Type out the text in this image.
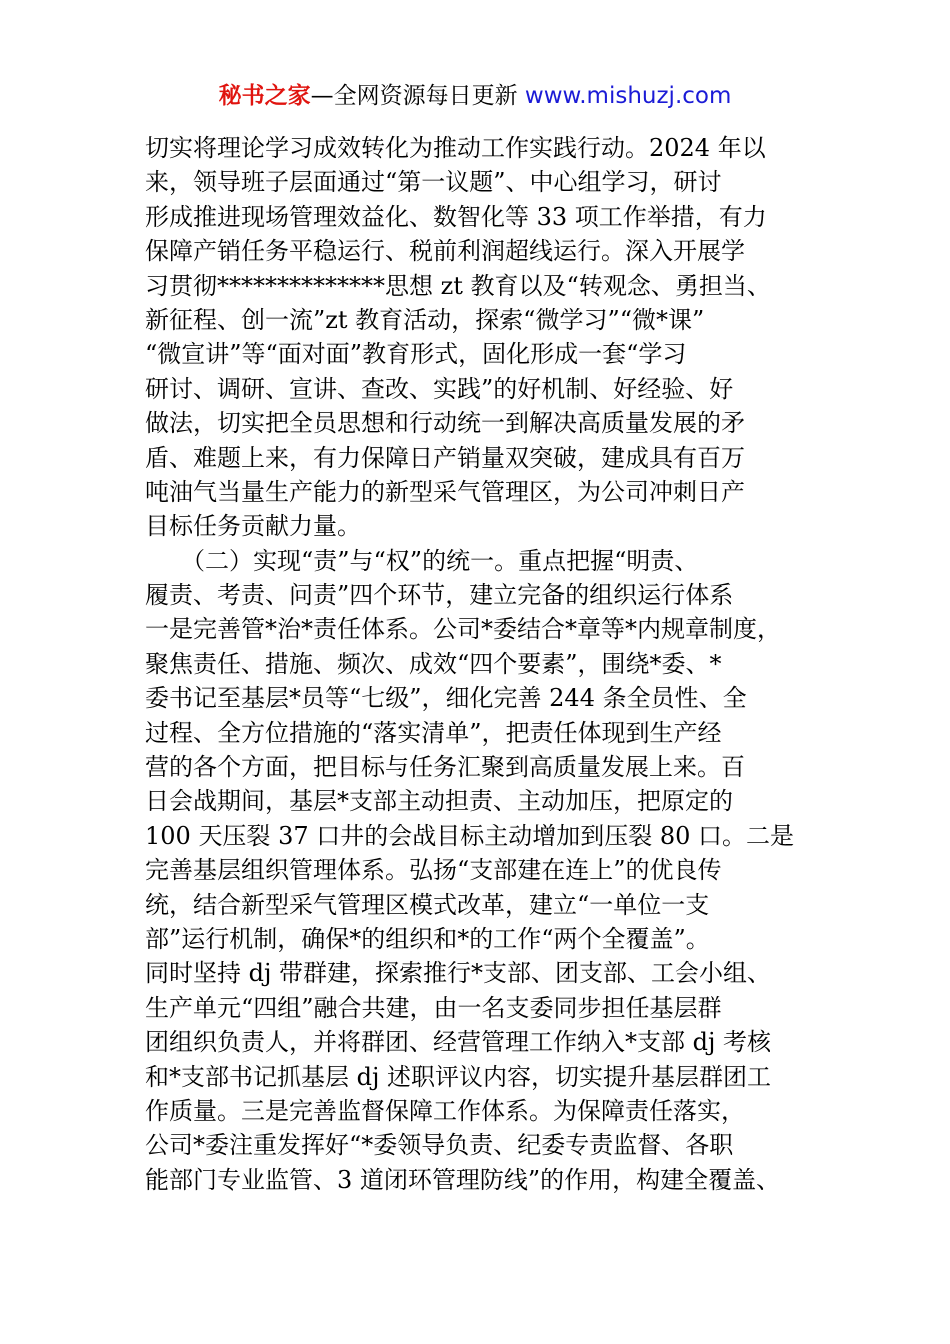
秘书之家—全网资源每日更新 www.mishuzj.com
切实将理论学习成效转化为推动工作实践行动。2024 年以
来，领导班子层面通过“第一议题”、中心组学习，研讨
形成推进现场管理效益化、数智化等 33 项工作举措，有力
保障产销任务平稳运行、税前利润超线运行。深入开展学
习贯彻**************思想 zt 教育以及“转观念、勇担当、
新征程、创一流”zt 教育活动，探索“微学习”“微*课”
“微宣讲”等“面对面”教育形式，固化形成一套“学习
研讨、调研、宣讲、查改、实践”的好机制、好经验、好
做法，切实把全员思想和行动统一到解决高质量发展的矛
盾、难题上来，有力保障日产销量双突破，建成具有百万
吨油气当量生产能力的新型采气管理区，为公司冲刺日产
目标任务贡献力量。
　　（二）实现“责”与“权”的统一。重点把握“明责、
履责、考责、问责”四个环节，建立完备的组织运行体系
一是完善管*治*责任体系。公司*委结合*章等*内规章制度，
聚焦责任、措施、频次、成效“四个要素”，围绕*委、*
委书记至基层*员等“七级”，细化完善 244 条全员性、全
过程、全方位措施的“落实清单”，把责任体现到生产经
营的各个方面，把目标与任务汇聚到高质量发展上来。百
日会战期间，基层*支部主动担责、主动加压，把原定的
100 天压裂 37 口井的会战目标主动增加到压裂 80 口。二是
完善基层组织管理体系。弘扬“支部建在连上”的优良传
统，结合新型采气管理区模式改革，建立“一单位一支
部”运行机制，确保*的组织和*的工作“两个全覆盖”。
同时坚持 dj 带群建，探索推行*支部、团支部、工会小组、
生产单元“四组”融合共建，由一名支委同步担任基层群
团组织负责人，并将群团、经营管理工作纳入*支部 dj 考核
和*支部书记抓基层 dj 述职评议内容，切实提升基层群团工
作质量。三是完善监督保障工作体系。为保障责任落实，
公司*委注重发挥好“*委领导负责、纪委专责监督、各职
能部门专业监管、3 道闭环管理防线”的作用，构建全覆盖、
